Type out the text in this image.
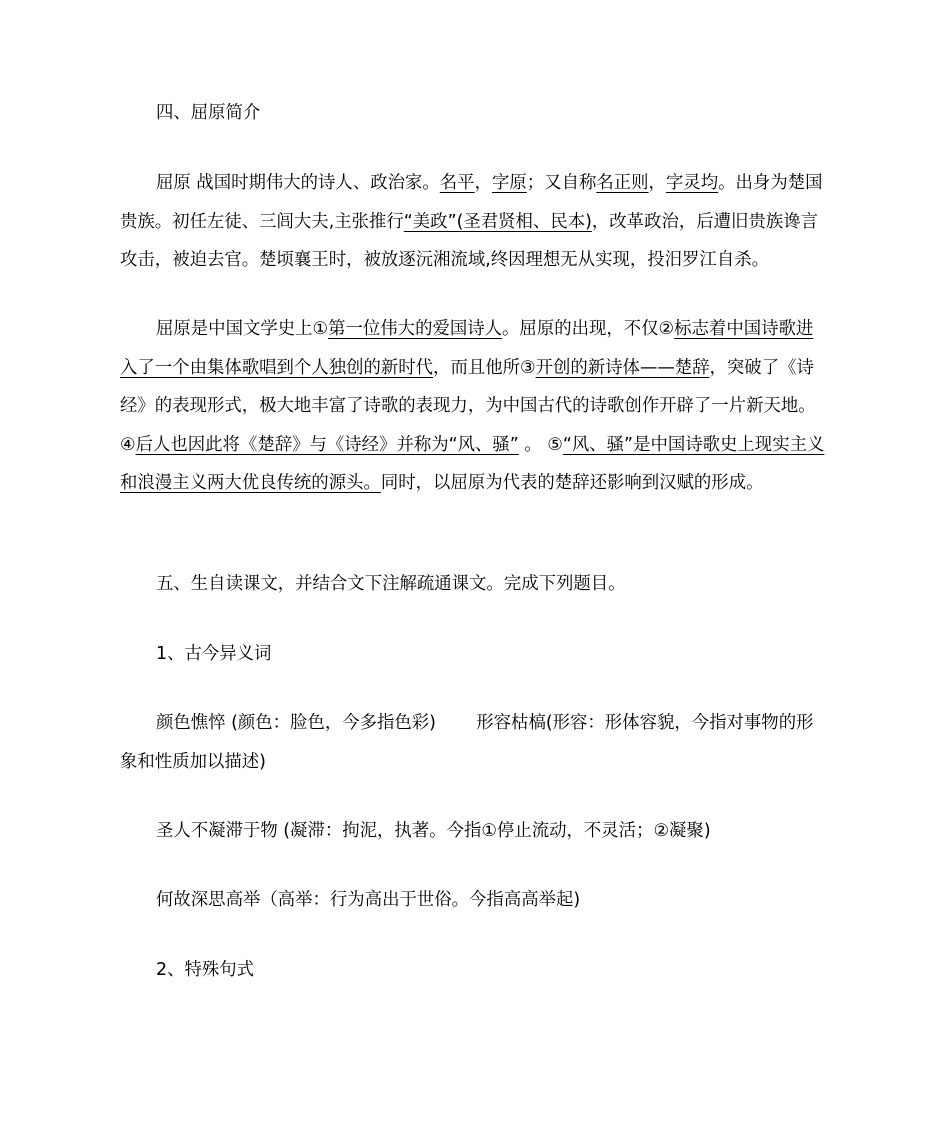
四、屈原简介

屈原 战国时期伟大的诗人、政治家。名平，字原；又自称名正则，字灵均。出身为楚国贵族。初任左徒、三闾大夫,主张推行“美政”(圣君贤相、民本)，改革政治，后遭旧贵族谗言攻击，被迫去官。楚顷襄王时，被放逐沅湘流域,终因理想无从实现，投汨罗江自杀。

屈原是中国文学史上①第一位伟大的爱国诗人。屈原的出现，不仅②标志着中国诗歌进入了一个由集体歌唱到个人独创的新时代，而且他所③开创的新诗体——楚辞，突破了《诗经》的表现形式，极大地丰富了诗歌的表现力，为中国古代的诗歌创作开辟了一片新天地。 ④后人也因此将《楚辞》与《诗经》并称为“风、骚” 。 ⑤“风、骚”是中国诗歌史上现实主义和浪漫主义两大优良传统的源头。同时，以屈原为代表的楚辞还影响到汉赋的形成。

五、生自读课文，并结合文下注解疏通课文。完成下列题目。

1、古今异义词

颜色憔悴 (颜色：脸色，今多指色彩)　　 形容枯槁(形容：形体容貌，今指对事物的形象和性质加以描述)

圣人不凝滞于物 (凝滞：拘泥，执著。今指①停止流动，不灵活；②凝聚)

何故深思高举（高举：行为高出于世俗。今指高高举起)

2、特殊句式
